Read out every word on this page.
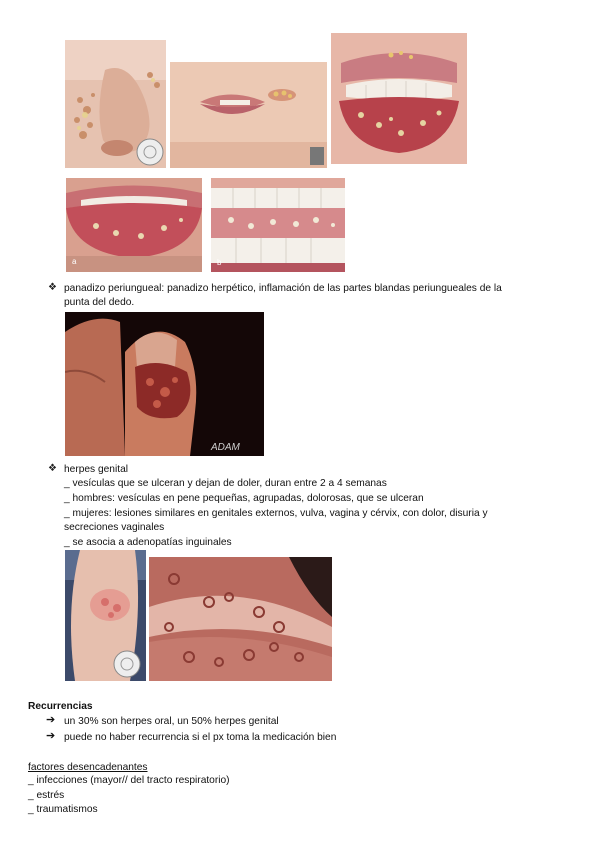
a	b
❖ panadizo periungueal: panadizo herpético, inflamación de las partes blandas periungueales de la
punta del dedo.
ADAM
❖ herpes genital
_ vesículas que se ulceran y dejan de doler, duran entre 2 a 4 semanas
_ hombres: vesículas en pene pequeñas, agrupadas, dolorosas, que se ulceran
_ mujeres: lesiones similares en genitales externos, vulva, vagina y cérvix, con dolor, disuria y
secreciones vaginales
_ se asocia a adenopatías inguinales
Recurrencias
➔ un 30% son herpes oral, un 50% herpes genital
➔ puede no haber recurrencia si el px toma la medicación bien
factores desencadenantes
_ infecciones (mayor// del tracto respiratorio)
_ estrés
_ traumatismos
